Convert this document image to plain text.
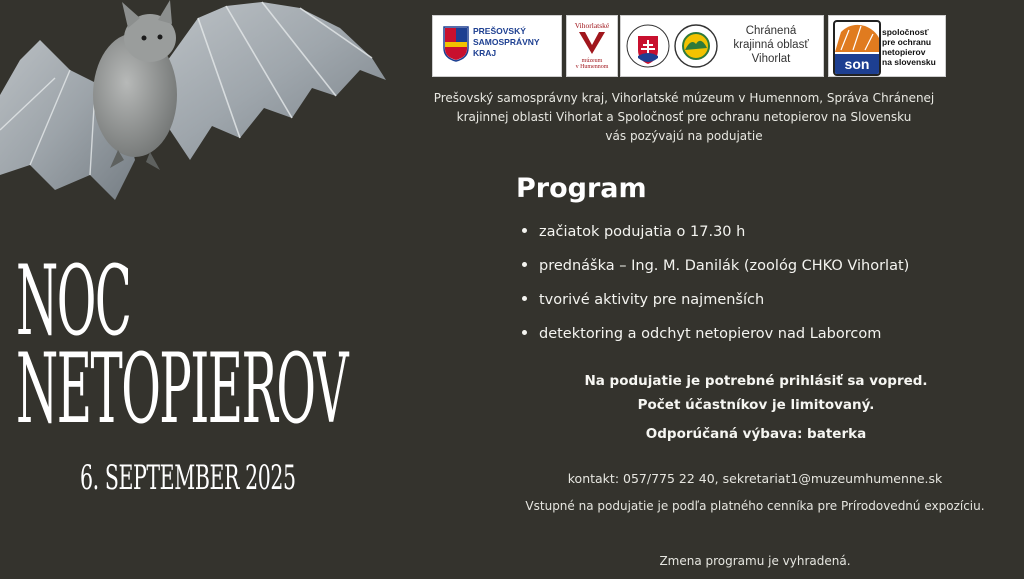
PREŠOVSKÝ
SAMOSPRÁVNY
KRAJ
Vihorlatské
múzeum
v Humennom
Chránená
krajinná oblasť
Vihorlat	son
spoločnosť
pre ochranu
netopierov
na slovensku
Prešovský samosprávny kraj, Vihorlatské múzeum v Humennom, Správa Chránenej
krajinnej oblasti Vihorlat a Spoločnosť pre ochranu netopierov na Slovensku
vás pozývajú na podujatie
Program
začiatok podujatia o 17.30 h
prednáška – Ing. M. Danilák (zoológ CHKO Vihorlat)
tvorivé aktivity pre najmenších
detektoring a odchyt netopierov nad Laborcom
NOC
NETOPIEROV
6. SEPTEMBER 2025
Na podujatie je potrebné prihlásiť sa vopred.
Počet účastníkov je limitovaný.
Odporúčaná výbava: baterka
kontakt: 057/775 22 40, sekretariat1@muzeumhumenne.sk
Vstupné na podujatie je podľa platného cenníka pre Prírodovednú expozíciu.
Zmena programu je vyhradená.
